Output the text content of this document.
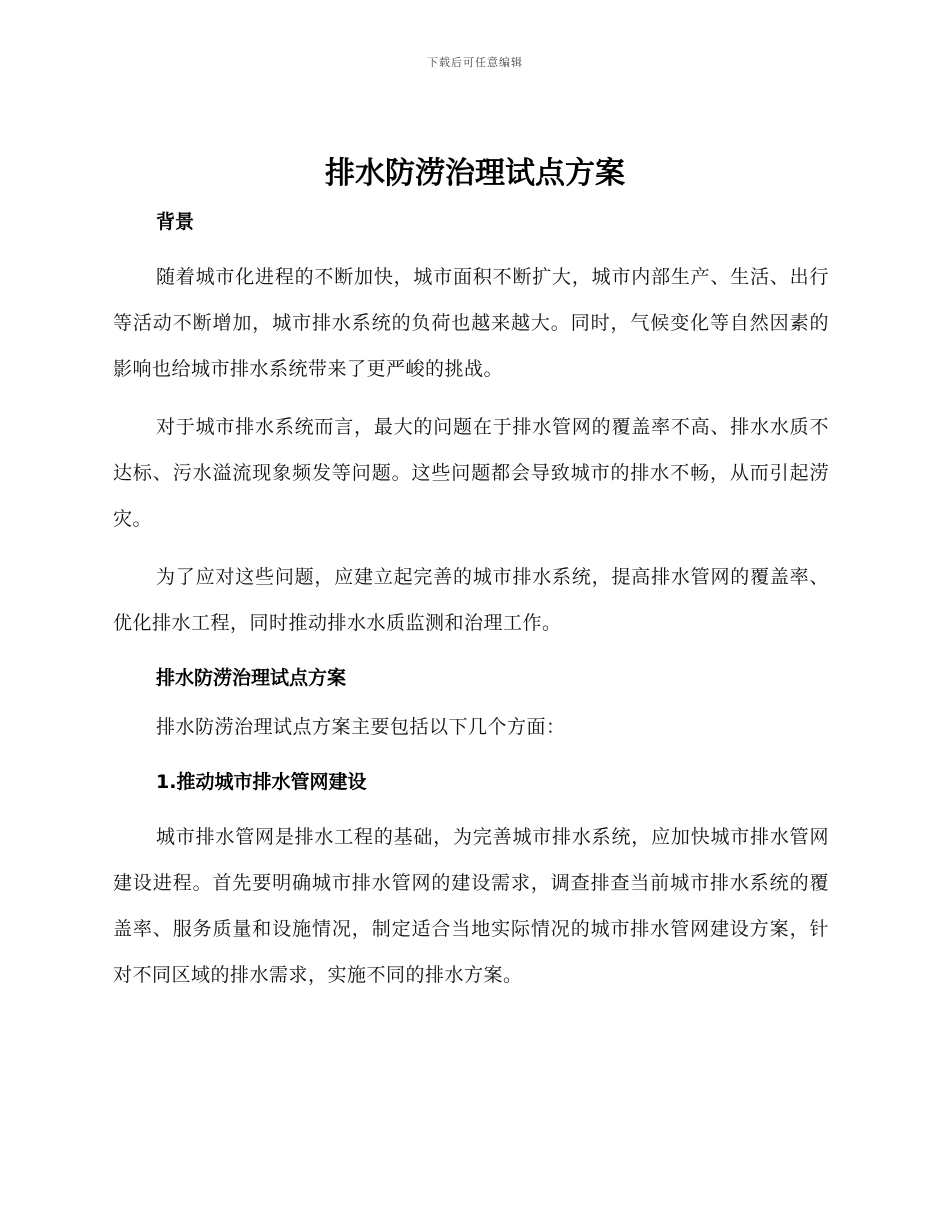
下载后可任意编辑
排水防涝治理试点方案
背景

随着城市化进程的不断加快，城市面积不断扩大，城市内部生产、生活、出行等活动不断增加，城市排水系统的负荷也越来越大。同时，气候变化等自然因素的影响也给城市排水系统带来了更严峻的挑战。

对于城市排水系统而言，最大的问题在于排水管网的覆盖率不高、排水水质不达标、污水溢流现象频发等问题。这些问题都会导致城市的排水不畅，从而引起涝灾。

为了应对这些问题，应建立起完善的城市排水系统，提高排水管网的覆盖率、优化排水工程，同时推动排水水质监测和治理工作。

排水防涝治理试点方案

排水防涝治理试点方案主要包括以下几个方面：

1.推动城市排水管网建设

城市排水管网是排水工程的基础，为完善城市排水系统，应加快城市排水管网建设进程。首先要明确城市排水管网的建设需求，调查排查当前城市排水系统的覆盖率、服务质量和设施情况，制定适合当地实际情况的城市排水管网建设方案，针对不同区域的排水需求，实施不同的排水方案。
